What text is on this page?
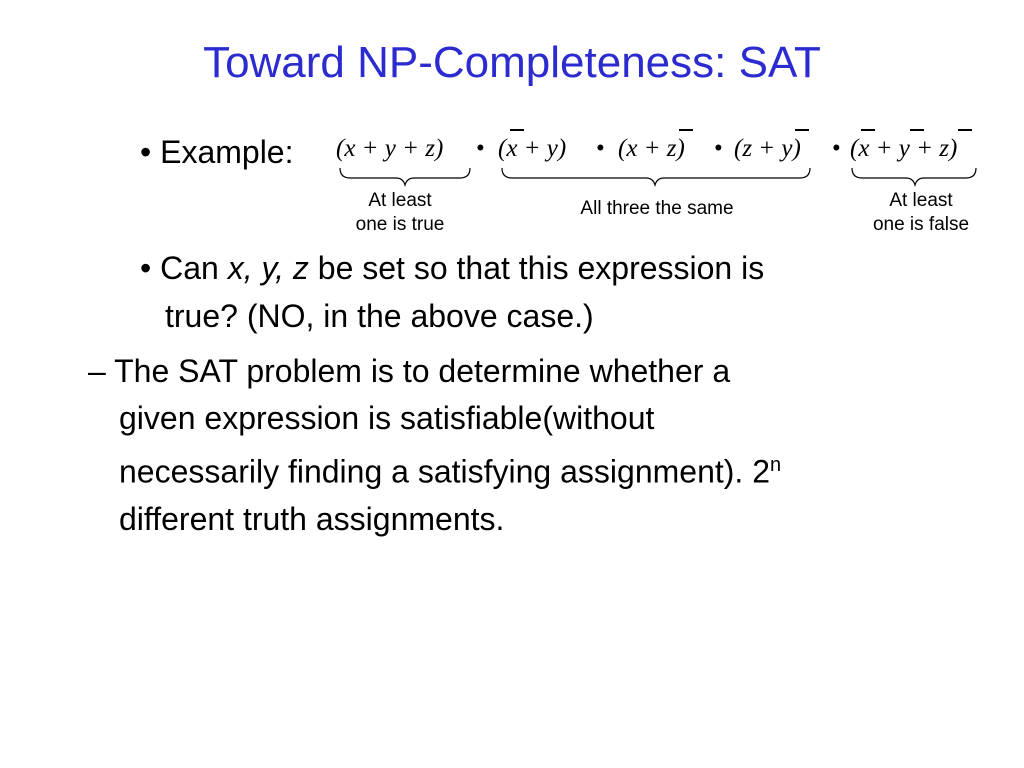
Toward NP-Completeness: SAT
• Example: (x + y + z) • (x + y) • (x + z) • (z + y) • (x + y + z)
At least
one is true
All three the same	At least
one is false
• Can x, y, z be set so that this expression is
true? (NO, in the above case.)
– The SAT problem is to determine whether a
given expression is satisfiable(without
necessarily finding a satisfying assignment). 2$^n$
different truth assignments.
